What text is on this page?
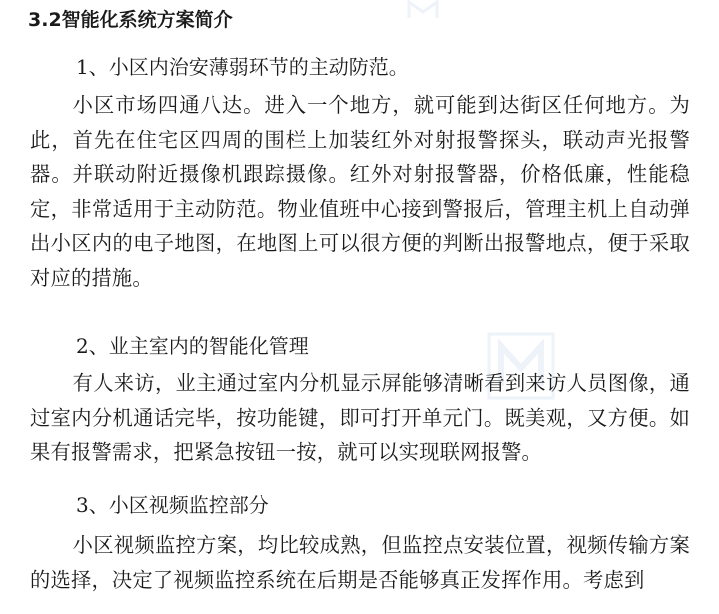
3.2智能化系统方案简介
1、小区内治安薄弱环节的主动防范。
小区市场四通八达。进入一个地方，就可能到达街区任何地方。为此，首先在住宅区四周的围栏上加装红外对射报警探头，联动声光报警器。并联动附近摄像机跟踪摄像。红外对射报警器，价格低廉，性能稳定，非常适用于主动防范。物业值班中心接到警报后，管理主机上自动弹出小区内的电子地图，在地图上可以很方便的判断出报警地点，便于采取对应的措施。
2、业主室内的智能化管理
有人来访，业主通过室内分机显示屏能够清晰看到来访人员图像，通过室内分机通话完毕，按功能键，即可打开单元门。既美观，又方便。如果有报警需求，把紧急按钮一按，就可以实现联网报警。
3、小区视频监控部分
小区视频监控方案，均比较成熟，但监控点安装位置，视频传输方案的选择，决定了视频监控系统在后期是否能够真正发挥作用。考虑到
